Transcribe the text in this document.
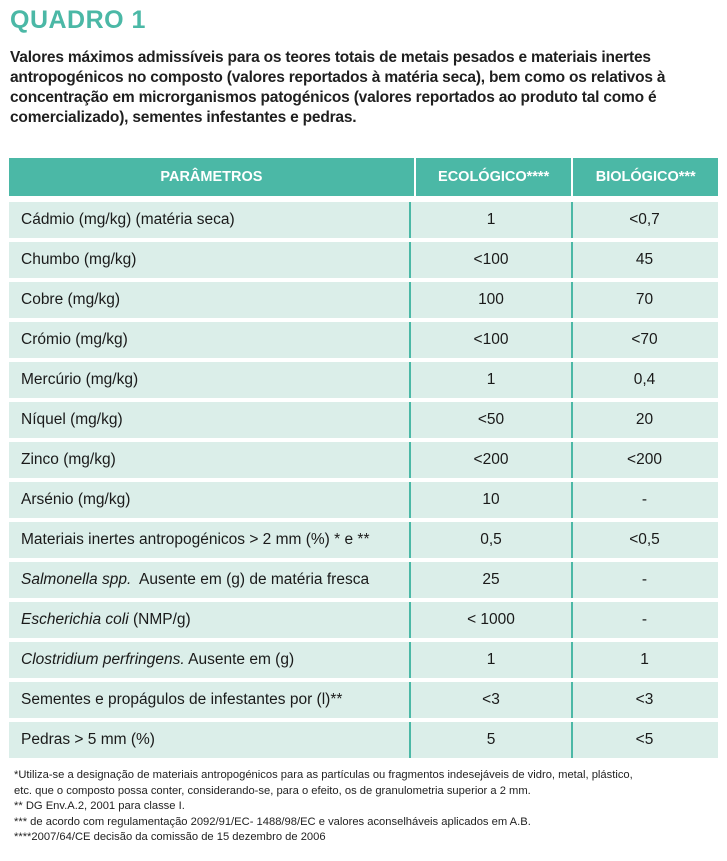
QUADRO 1
Valores máximos admissíveis para os teores totais de metais pesados e materiais inertes antropogénicos no composto (valores reportados à matéria seca), bem como os relativos à concentração em microrganismos patogénicos (valores reportados ao produto tal como é comercializado), sementes infestantes e pedras.
PARÂMETROS	ECOLÓGICO****	BIOLÓGICO***
Cádmio (mg/kg) (matéria seca)	1	<0,7
Chumbo (mg/kg)	<100	45
Cobre (mg/kg)	100	70
Crómio (mg/kg)	<100	<70
Mercúrio (mg/kg)	1	0,4
Níquel (mg/kg)	<50	20
Zinco (mg/kg)	<200	<200
Arsénio (mg/kg)	10	-
Materiais inertes antropogénicos > 2 mm (%) * e **	0,5	<0,5
Salmonella spp.  Ausente em (g) de matéria fresca	25	-
Escherichia coli (NMP/g)	< 1000	-
Clostridium perfringens. Ausente em (g)	1	1
Sementes e propágulos de infestantes por (l)**	<3	<3
Pedras > 5 mm (%)	5	<5
*Utiliza-se a designação de materiais antropogénicos para as partículas ou fragmentos indesejáveis de vidro, metal, plástico,
etc. que o composto possa conter, considerando-se, para o efeito, os de granulometria superior a 2 mm.
** DG Env.A.2, 2001 para classe I.
*** de acordo com regulamentação 2092/91/EC- 1488/98/EC e valores aconselháveis aplicados em A.B.
****2007/64/CE decisão da comissão de 15 dezembro de 2006
